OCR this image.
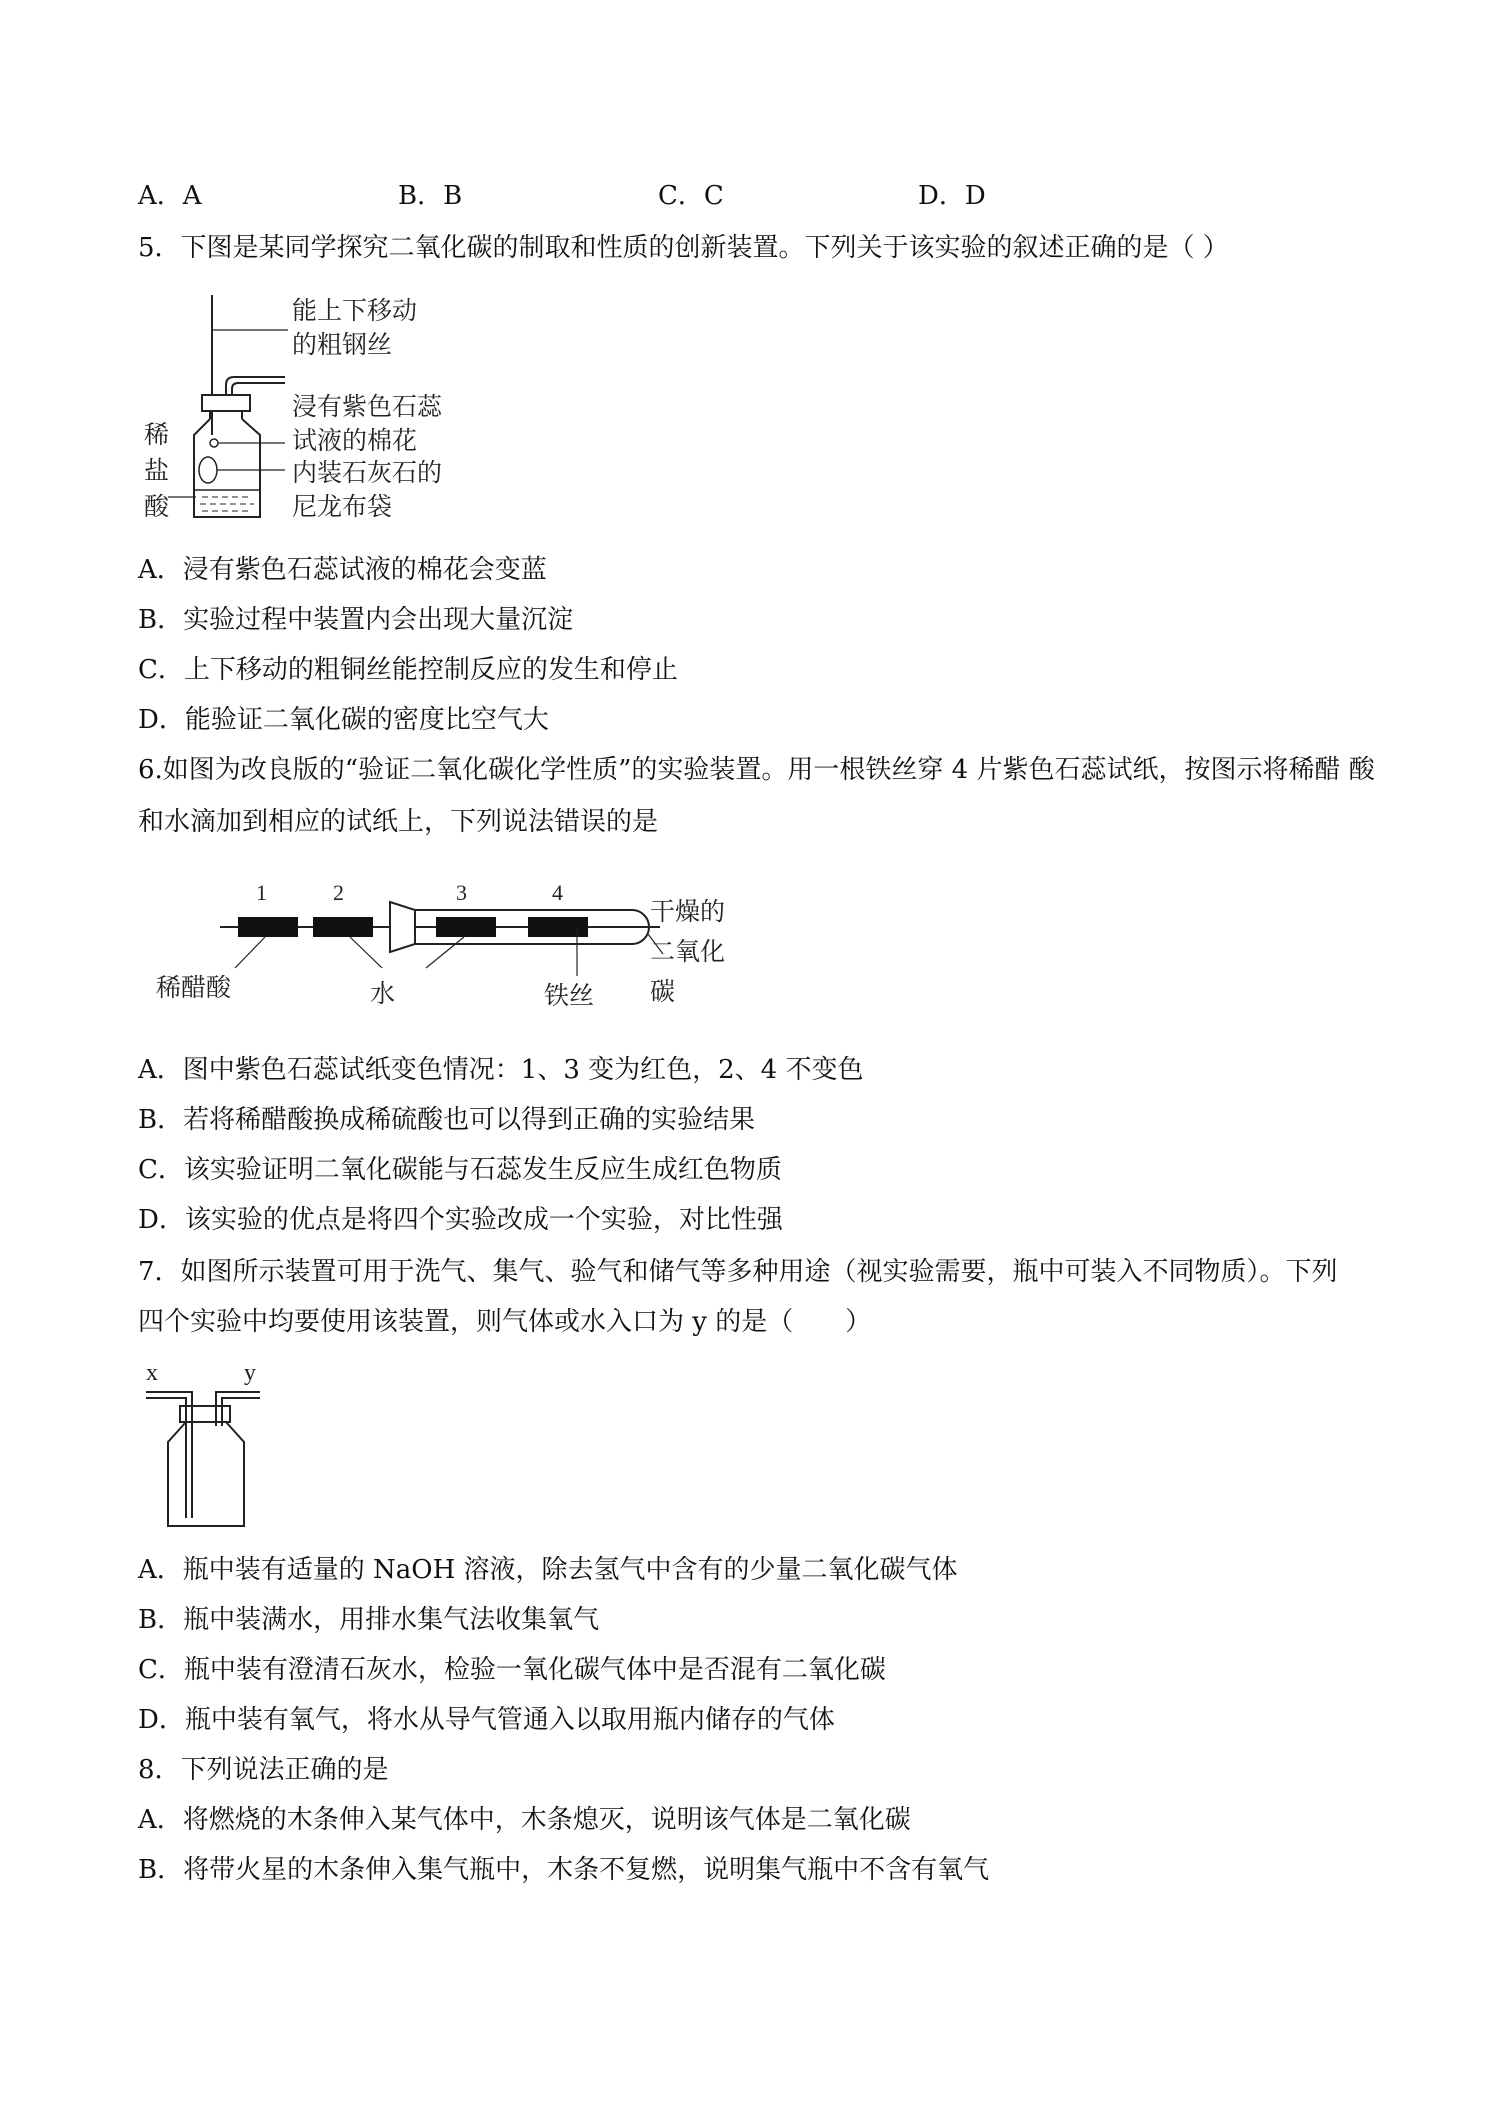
A．A	B．B	C．C	D．D
5．下图是某同学探究二氧化碳的制取和性质的创新装置。下列关于该实验的叙述正确的是（ ）
能上下移动
的粗钢丝
浸有紫色石蕊
试液的棉花
内装石灰石的
尼龙布袋
稀
盐
酸
A．浸有紫色石蕊试液的棉花会变蓝
B．实验过程中装置内会出现大量沉淀
C．上下移动的粗铜丝能控制反应的发生和停止
D．能验证二氧化碳的密度比空气大
6.如图为改良版的“验证二氧化碳化学性质”的实验装置。用一根铁丝穿 4 片紫色石蕊试纸，按图示将稀醋 酸
和水滴加到相应的试纸上，下列说法错误的是
1	2	3	4
稀醋酸	水	铁丝
干燥的
二氧化
碳
A．图中紫色石蕊试纸变色情况：1、3 变为红色，2、4 不变色
B．若将稀醋酸换成稀硫酸也可以得到正确的实验结果
C．该实验证明二氧化碳能与石蕊发生反应生成红色物质
D．该实验的优点是将四个实验改成一个实验，对比性强
7．如图所示装置可用于洗气、集气、验气和储气等多种用途（视实验需要，瓶中可装入不同物质）。下列
四个实验中均要使用该装置，则气体或水入口为 y 的是（　　）
x	y
A．瓶中装有适量的 NaOH 溶液，除去氢气中含有的少量二氧化碳气体
B．瓶中装满水，用排水集气法收集氧气
C．瓶中装有澄清石灰水，检验一氧化碳气体中是否混有二氧化碳
D．瓶中装有氧气，将水从导气管通入以取用瓶内储存的气体
8．下列说法正确的是
A．将燃烧的木条伸入某气体中，木条熄灭，说明该气体是二氧化碳
B．将带火星的木条伸入集气瓶中，木条不复燃，说明集气瓶中不含有氧气
